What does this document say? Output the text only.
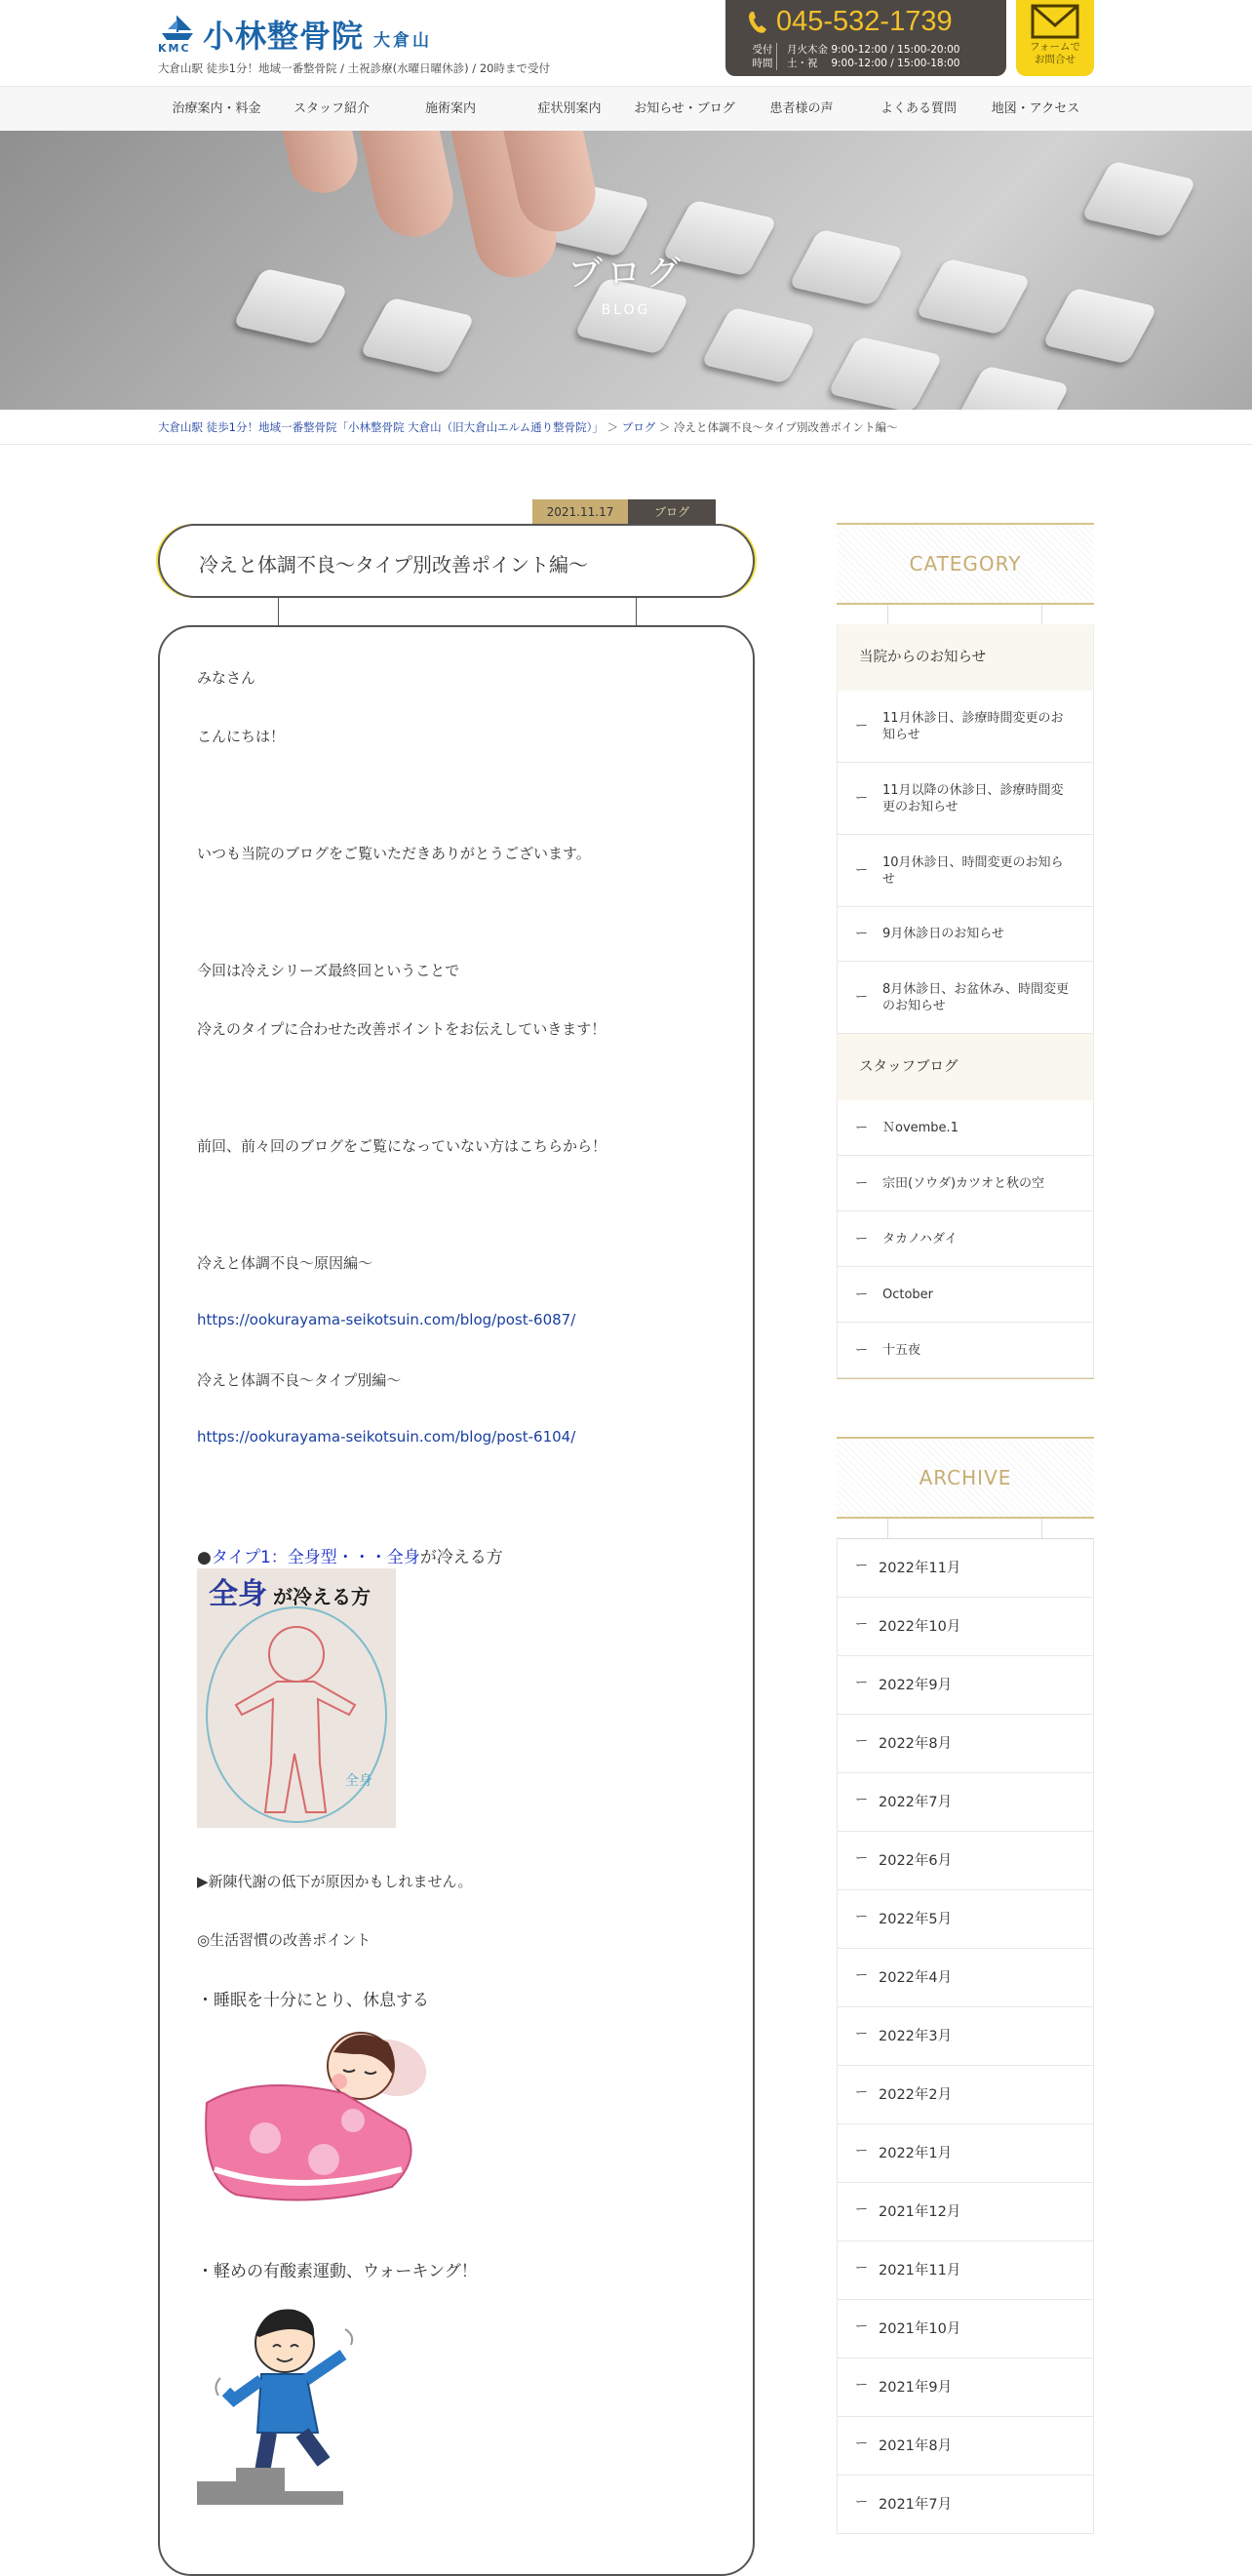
KMC 小林整骨院 大倉山
大倉山駅 徒歩1分！地域一番整骨院 / 土祝診療(水曜日曜休診) / 20時まで受付
045-532-1739
受付
時間
月火木金 9:00-12:00 / 15:00-20:00
土・祝　 9:00-12:00 / 15:00-18:00
フォームで
お問合せ
治療案内・料金	スタッフ紹介	施術案内	症状別案内	お知らせ・ブログ	患者様の声	よくある質問	地図・アクセス
ブログ
BLOG
大倉山駅 徒歩1分！地域一番整骨院「小林整骨院 大倉山（旧大倉山エルム通り整骨院）」 ＞ ブログ ＞ 冷えと体調不良～タイプ別改善ポイント編～
2021.11.17	ブログ
冷えと体調不良～タイプ別改善ポイント編～
みなさん
こんにちは！
いつも当院のブログをご覧いただきありがとうございます。
今回は冷えシリーズ最終回ということで
冷えのタイプに合わせた改善ポイントをお伝えしていきます！
前回、前々回のブログをご覧になっていない方はこちらから！
冷えと体調不良～原因編～
https://ookurayama-seikotsuin.com/blog/post-6087/
冷えと体調不良～タイプ別編～
https://ookurayama-seikotsuin.com/blog/post-6104/
●タイプ1：全身型・・・全身が冷える方
全身 が冷える方
全身
▶新陳代謝の低下が原因かもしれません。
◎生活習慣の改善ポイント
・睡眠を十分にとり、休息する
・軽めの有酸素運動、ウォーキング！
CATEGORY
当院からのお知らせ
ー 11月休診日、診療時間変更のお知らせ
ー 11月以降の休診日、診療時間変更のお知らせ
ー 10月休診日、時間変更のお知らせ
ー 9月休診日のお知らせ
ー 8月休診日、お盆休み、時間変更のお知らせ
スタッフブログ
ー Ｎovembe.1
ー 宗田(ソウダ)カツオと秋の空
ー タカノハダイ
ー October
ー 十五夜
ARCHIVE
ー 2022年11月
ー 2022年10月
ー 2022年9月
ー 2022年8月
ー 2022年7月
ー 2022年6月
ー 2022年5月
ー 2022年4月
ー 2022年3月
ー 2022年2月
ー 2022年1月
ー 2021年12月
ー 2021年11月
ー 2021年10月
ー 2021年9月
ー 2021年8月
ー 2021年7月
